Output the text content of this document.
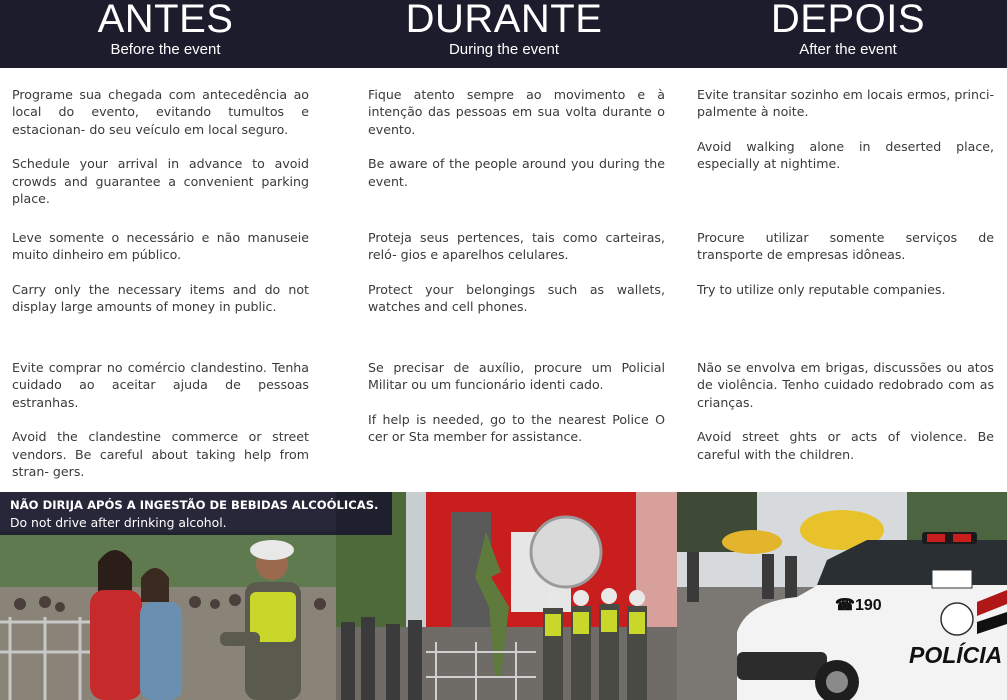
ANTES
Before the event
DURANTE
During the event
DEPOIS
After the event

Programe sua chegada com antecedência ao local do evento, evitando tumultos e estacionan- do seu veículo em local seguro.

Schedule your arrival in advance to avoid crowds and guarantee a convenient parking place.

Leve somente o necessário e não manuseie muito dinheiro em público.

Carry only the necessary items and do not display large amounts of money in public.

Evite comprar no comércio clandestino. Tenha cuidado ao aceitar ajuda de pessoas estranhas.

Avoid the clandestine commerce or street vendors. Be careful about taking help from stran- gers.

Fique atento sempre ao movimento e à intenção das pessoas em sua volta durante o evento.

Be aware of the people around you during the event.

Proteja seus pertences, tais como carteiras, reló- gios e aparelhos celulares.

Protect your belongings such as wallets, watches and cell phones.

Se precisar de auxílio, procure um Policial Militar ou um funcionário identi cado.

If help is needed, go to the nearest Police O cer or Sta member for assistance.

Evite transitar sozinho em locais ermos, princi- palmente à noite.

Avoid walking alone in deserted place, especially at nightime.

Procure utilizar somente serviços de transporte de empresas idôneas.

Try to utilize only reputable companies.

Não se envolva em brigas, discussões ou atos de violência. Tenho cuidado redobrado com as crianças.

Avoid street ghts or acts of violence. Be careful with the children.

☎190
POLÍCIA
NÃO DIRIJA APÓS A INGESTÃO DE BEBIDAS ALCOÓLICAS.
Do not drive after drinking alcohol.
